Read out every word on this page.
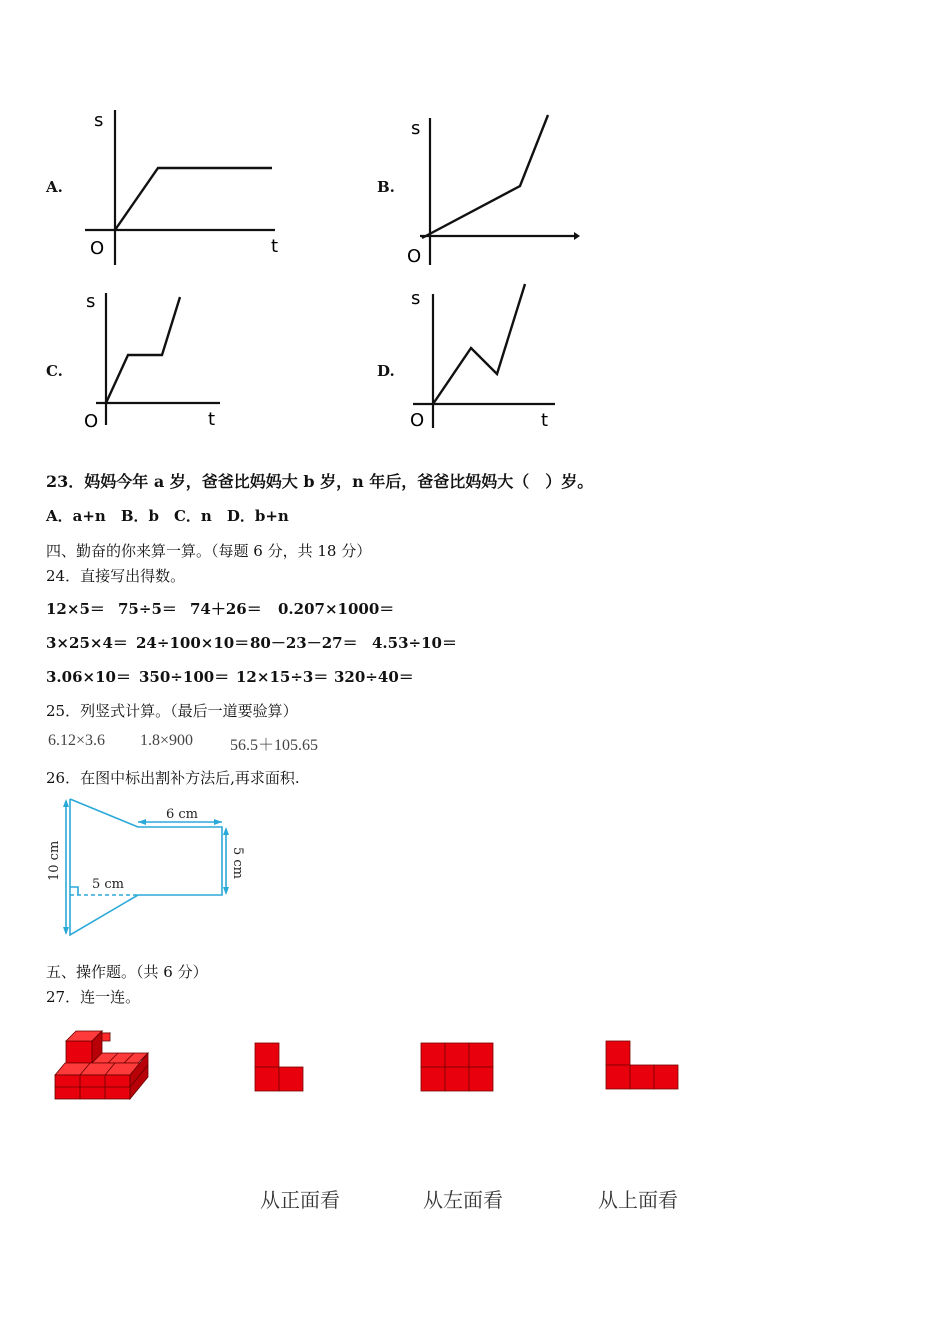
A.
s
O	t
B.
s
O
C.
s
O	t
D.
s
O	t
23．妈妈今年 a 岁，爸爸比妈妈大 b 岁，n 年后，爸爸比妈妈大（　）岁。
A．a+n　B．b　C．n　D．b+n
四、勤奋的你来算一算。（每题 6 分，共 18 分）
24．直接写出得数。
12×5＝ 75÷5＝ 74＋26＝ 0.207×1000＝
3×25×4＝ 24÷100×10＝ 80－23－27＝ 4.53÷10＝
3.06×10＝ 350÷100＝ 12×15÷3＝ 320÷40＝
25．列竖式计算。（最后一道要验算）
6.12×3.6 1.8×900 56.5＋105.65
26．在图中标出割补方法后,再求面积.
6 cm
5 cm
5 cm
10 cm
五、操作题。（共 6 分）
27．连一连。
从正面看	从左面看	从上面看
